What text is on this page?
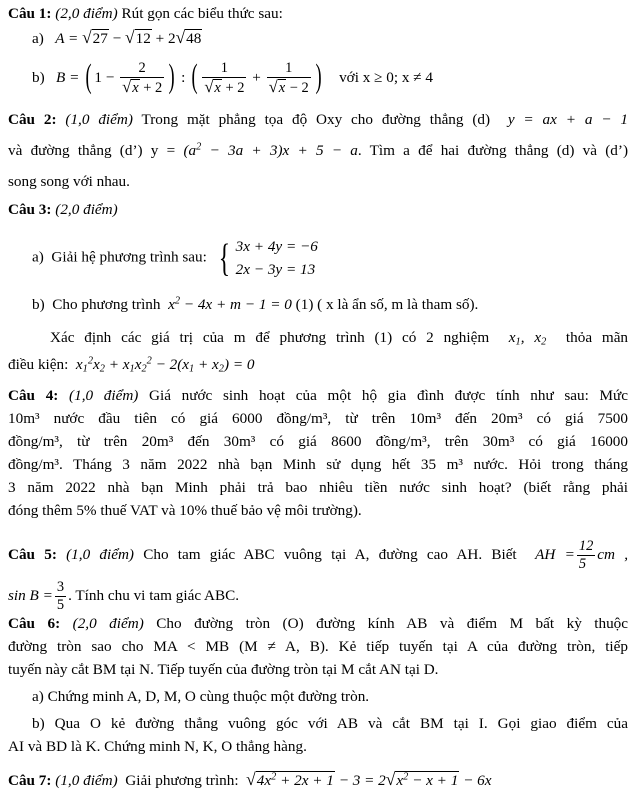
Câu 1: (2,0 điểm) Rút gọn các biểu thức sau:
a) A = √27 − √12 + 2√48
b) B = ( $1 - \frac{2}{√x + 2}$ ) : ( $\frac{1}{√x + 2} + \frac{1}{√x - 2}$ ) với x ≥ 0; x ≠ 4
Câu 2: (1,0 điểm) Trong mặt phẳng tọa độ Oxy cho đường thẳng (d) y = ax + a − 1
và đường thẳng (d’) $y = (a^2 - 3a + 3)x + 5 - a$. Tìm a để hai đường thẳng (d) và (d’)
song song với nhau.
Câu 3: (2,0 điểm)
a) Giải hệ phương trình sau: { 3x + 4y = −6
2x − 3y = 13
b) Cho phương trình $x^2 - 4x + m - 1 = 0$ (1) ( x là ẩn số, m là tham số).
Xác định các giá trị của m để phương trình (1) có 2 nghiệm $x_1$, $x_2$ thỏa mãn
điều kiện: $x_1^2x_2 + x_1x_2^2 - 2(x_1 + x_2) = 0$
Câu 4: (1,0 điểm) Giá nước sinh hoạt của một hộ gia đình được tính như sau: Mức
10m³ nước đầu tiên có giá 6000 đồng/m³, từ trên 10m³ đến 20m³ có giá 7500
đồng/m³, từ trên 20m³ đến 30m³ có giá 8600 đồng/m³, trên 30m³ có giá 16000
đồng/m³. Tháng 3 năm 2022 nhà bạn Minh sử dụng hết 35 m³ nước. Hỏi trong tháng
3 năm 2022 nhà bạn Minh phải trả bao nhiêu tiền nước sinh hoạt? (biết rằng phải
đóng thêm 5% thuế VAT và 10% thuế bảo vệ môi trường).
Câu 5: (1,0 điểm) Cho tam giác ABC vuông tại A, đường cao AH. Biết AH = $\frac{12}{5}$ cm ,
$\sin B = \frac{3}{5}$ . Tính chu vi tam giác ABC.
Câu 6: (2,0 điểm) Cho đường tròn (O) đường kính AB và điểm M bất kỳ thuộc
đường tròn sao cho MA < MB (M ≠ A, B). Kẻ tiếp tuyến tại A của đường tròn, tiếp
tuyến này cắt BM tại N. Tiếp tuyến của đường tròn tại M cắt AN tại D.
a) Chứng minh A, D, M, O cùng thuộc một đường tròn.
b) Qua O kẻ đường thẳng vuông góc với AB và cắt BM tại I. Gọi giao điểm của
AI và BD là K. Chứng minh N, K, O thẳng hàng.
Câu 7: (1,0 điểm) Giải phương trình: $√4x^2 + 2x + 1 - 3 = 2√x^2 - x + 1 - 6x$
